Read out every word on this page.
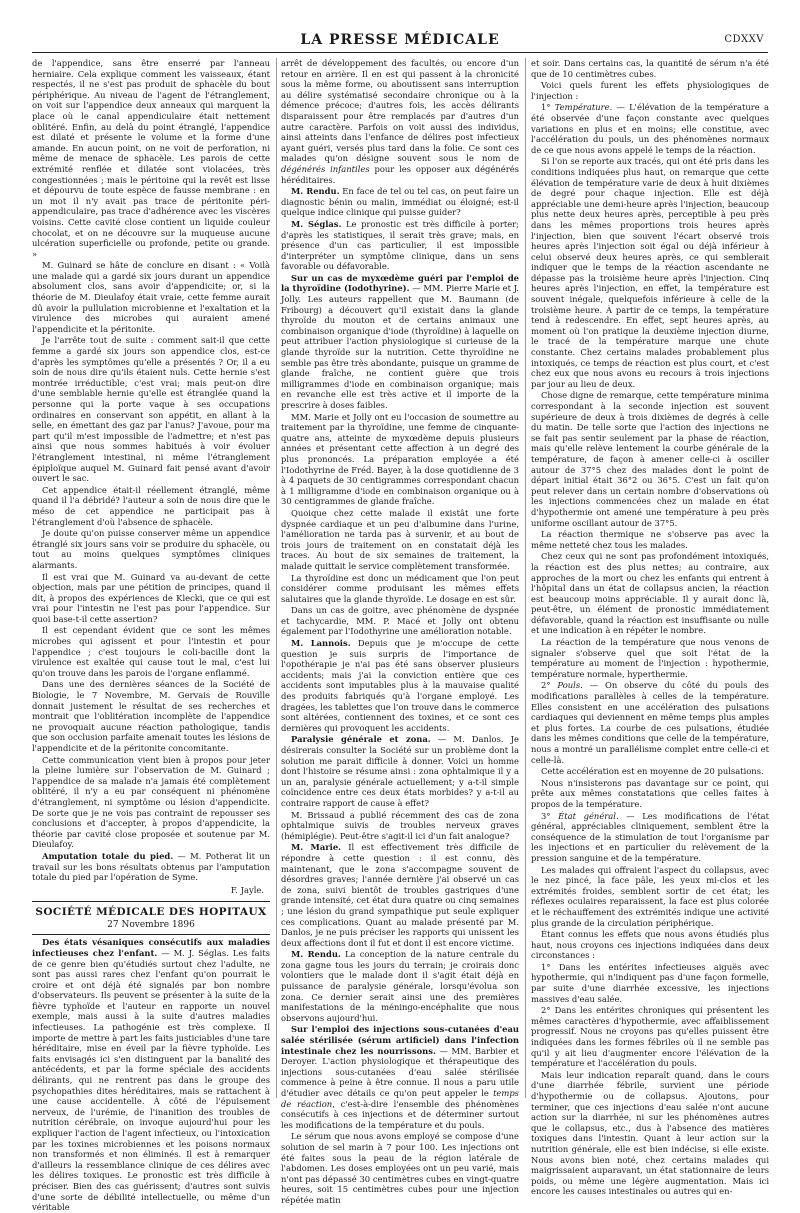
LA PRESSE MÉDICALE	CDXXV

de l'appendice, sans être enserré par l'anneau herniaire. Cela explique comment les vaisseaux, étant respectés, il ne s'est pas produit de sphacèle du bout périphérique. Au niveau de l'agent de l'étranglement, on voit sur l'appendice deux anneaux qui marquent la place où le canal appendiculaire était nettement oblitéré. Enfin, au delà du point étranglé, l'appendice est dilaté et présente le volume et la forme d'une amande. En aucun point, on ne voit de perforation, ni même de menace de sphacèle. Les parois de cette extrémité renflée et dilatée sont violacées, très congestionnées ; mais le péritoine qui la revêt est lisse et dépourvu de toute espèce de fausse membrane : en un mot il n'y avait pas trace de péritonite péri-appendiculaire, pas trace d'adhérence avec les viscères voisins. Cette cavité close contient un liquide couleur chocolat, et on ne découvre sur la muqueuse aucune ulcération superficielle ou profonde, petite ou grande. »

M. Guinard se hâte de conclure en disant : « Voilà une malade qui a gardé six jours durant un appendice absolument clos, sans avoir d'appendicite; or, si la théorie de M. Dieulafoy était vraie, cette femme aurait dû avoir la pullulation microbienne et l'exaltation et la virulence des microbes qui auraient amené l'appendicite et la péritonite.

Je l'arrête tout de suite : comment sait-il que cette femme a gardé six jours son appendice clos, est-ce d'après les symptômes qu'elle a présentés ? Or, il a eu soin de nous dire qu'ils étaient nuls. Cette hernie s'est montrée irréductible, c'est vrai; mais peut-on dire d'une semblable hernie qu'elle est étranglée quand la personne qui la porte vaque à ses occupations ordinaires en conservant son appétit, en allant à la selle, en émettant des gaz par l'anus? J'avoue, pour ma part qu'il m'est impossible de l'admettre; et n'est pas ainsi que nous sommes habitués à voir évoluer l'étranglement intestinal, ni même l'étranglement épiploïque auquel M. Guinard fait pensé avant d'avoir ouvert le sac.

Cet appendice était-il réellement étranglé, même quand il l'a débridé? l'auteur a soin de nous dire que le méso de cet appendice ne participait pas à l'étranglement d'où l'absence de sphacèle.

Je doute qu'on puisse conserver même un appendice étranglé six jours sans voir se produire du sphacèle, ou tout au moins quelques symptômes cliniques alarmants.

Il est vrai que M. Guinard va au-devant de cette objection, mais par une pétition de principes, quand il dit, à propos des expériences de Klecki, que ce qui est vrai pour l'intestin ne l'est pas pour l'appendice. Sur quoi base-t-il cette assertion?

Il est cependant évident que ce sont les mêmes microbes qui agissent et pour l'intestin et pour l'appendice ; c'est toujours le coli-bacille dont la virulence est exaltée qui cause tout le mal, c'est lui qu'on trouve dans les parois de l'organe enflammé.

Dans une des dernières séances de la Société de Biologie, le 7 Novembre, M. Gervais de Rouville donnait justement le résultat de ses recherches et montrait que l'oblitération incomplète de l'appendice ne provoquait aucune réaction pathologique, tandis que son occlusion parfaite amenait toutes les lésions de l'appendicite et de la péritonite concomitante.

Cette communication vient bien à propos pour jeter la pleine lumière sur l'observation de M. Guinard ; l'appendice de sa malade n'a jamais été complètement oblitéré, il n'y a eu par conséquent ni phénomène d'étranglement, ni symptôme ou lésion d'appendicite. De sorte que je ne vois pas contraint de repousser ses conclusions et d'accepter, à propos d'appendicite, la théorie par cavité close proposée et soutenue par M. Dieulafoy.

Amputation totale du pied. — M. Potherat lit un travail sur les bons résultats obtenus par l'amputation totale du pied par l'opération de Syme.

F. Jayle.

SOCIÉTÉ MÉDICALE DES HOPITAUX
27 Novembre 1896

Des états vésaniques consécutifs aux maladies infectieuses chez l'enfant. — M. J. Séglas. Les faits de ce genre bien qu'étudiés surtout chez l'adulte, ne sont pas aussi rares chez l'enfant qu'on pourrait le croire et ont déjà été signalés par bon nombre d'observateurs. Ils peuvent se présenter à la suite de la fièvre typhoïde et l'auteur en rapporte un nouvel exemple, mais aussi à la suite d'autres maladies infectieuses. La pathogénie est très complexe. Il importe de mettre à part les faits justiciables d'une tare héréditaire, mise en éveil par la fièvre typhoïde. Les faits envisagés ici s'en distinguent par la banalité des antécédents, et par la forme spéciale des accidents délirants, qui ne rentrent pas dans le groupe des psychopathies dites héréditaires, mais se rattachent à une cause accidentelle. À côté de l'épuisement nerveux, de l'urémie, de l'inanition des troubles de nutrition cérébrale, on invoque aujourd'hui pour les expliquer l'action de l'agent infectieux, ou l'intoxication par les toxines microbiennes et les poisons normaux non transformés et non éliminés. Il est à remarquer d'ailleurs la ressemblance clinique de ces délires avec les délires toxiques. Le pronostic est très difficile à préciser. Bien des cas guérissent; d'autres sont suivis d'une sorte de débilité intellectuelle, ou même d'un véritable

arrêt de développement des facultés, ou encore d'un retour en arrière. Il en est qui passent à la chronicité sous la même forme, ou aboutissent sans interruption au délire systématisé secondaire chronique ou à la démence précoce; d'autres fois, les accès délirants disparaissent pour être remplacés par d'autres d'un autre caractère. Parfois on voit aussi des individus, ainsi atteints dans l'enfance de délires post infectieux ayant guéri, versés plus tard dans la folie. Ce sont ces malades qu'on désigne souvent sous le nom de dégénérés infantiles pour les opposer aux dégénérés héréditaires.

M. Rendu. En face de tel ou tel cas, on peut faire un diagnostic bénin ou malin, immédiat ou éloigné; est-il quelque indice clinique qui puisse guider?

M. Séglas. Le pronostic est très difficile à porter; d'après les statistiques, il serait très grave; mais, en présence d'un cas particulier, il est impossible d'interpréter un symptôme clinique, dans un sens favorable ou défavorable.

Sur un cas de myxœdème guéri par l'emploi de la thyroïdine (Iodothyrine). — MM. Pierre Marie et J. Jolly. Les auteurs rappellent que M. Baumann (de Fribourg) a découvert qu'il existait dans la glande thyroïde du mouton et de certains animaux une combinaison organique d'iode (thyroïdine) à laquelle on peut attribuer l'action physiologique si curieuse de la glande thyroïde sur la nutrition. Cette thyroïdine ne semble pas être très abondante, puisque un gramme de glande fraîche, ne contient guère que trois milligrammes d'iode en combinaison organique; mais en revanche elle est très active et il importe de la prescrire à doses faibles.

MM. Marie et Jolly ont eu l'occasion de soumettre au traitement par la thyroïdine, une femme de cinquante-quatre ans, atteinte de myxœdème depuis plusieurs années et présentant cette affection à un degré des plus prononcés. La préparation employée a été l'Iodothyrine de Fréd. Bayer, à la dose quotidienne de 3 à 4 paquets de 30 centigrammes correspondant chacun à 1 milligramme d'iode en combinaison organique ou à 30 centigrammes de glande fraîche.

Quoique chez cette malade il existât une forte dyspnée cardiaque et un peu d'albumine dans l'urine, l'amélioration ne tarda pas à survenir, et au bout de trois jours de traitement on en constatait déjà les traces. Au bout de six semaines de traitement, la malade quittait le service complètement transformée.

La thyroïdine est donc un médicament que l'on peut considérer comme produisant les mêmes effets salutaires que la glande thyroïde. Le dosage en est sûr.

Dans un cas de goitre, avec phénomène de dyspnée et tachycardie, MM. P. Macé et Jolly ont obtenu également par l'Iodothyrine une amélioration notable.

M. Lannois. Depuis que je m'occupe de cette question je suis surpris de l'importance de l'opothérapie je n'ai pas été sans observer plusieurs accidents; mais j'ai la conviction entière que ces accidents sont imputables plus à la mauvaise qualité des produits fabriqués qu'à l'organe employé. Les dragées, les tablettes que l'on trouve dans le commerce sont altérées, contiennent des toxines, et ce sont ces dernières qui provoquent les accidents.

Paralysie générale et zona. — M. Danlos. Je désirerais consulter la Société sur un problème dont la solution me parait difficile à donner. Voici un homme dont l'histoire se résume ainsi : zona ophtalmique il y a un an, paralysie générale actuellement; y a-t-il simple coïncidence entre ces deux états morbides? y a-t-il au contraire rapport de cause à effet?

M. Brissaud a publié récemment des cas de zona ophtalmique suivis de troubles nerveux graves (hémiplégie). Peut-être s'agit-il ici d'un fait analogue?

M. Marie. Il est effectivement très difficile de répondre à cette question : il est connu, dès maintenant, que le zona s'accompagne souvent de désordres graves; l'année dernière j'ai observé un cas de zona, suivi bientôt de troubles gastriques d'une grande intensité, cet état dura quatre ou cinq semaines ; une lésion du grand sympathique put seule expliquer ces complications. Quant au malade présenté par M. Danlos, je ne puis préciser les rapports qui unissent les deux affections dont il fut et dont il est encore victime.

M. Rendu. La conception de la nature centrale du zona gagne tous les jours du terrain; je croirais donc volontiers que le malade dont il s'agit était déjà en puissance de paralysie générale, lorsqu'évolua son zona. Ce dernier serait ainsi une des premières manifestations de la méningo-encéphalite que nous observons aujourd'hui.

Sur l'emploi des injections sous-cutanées d'eau salée stérilisée (sérum artificiel) dans l'infection intestinale chez les nourrissons. — MM. Barbier et Deroyer. L'action physiologique et thérapeutique des injections sous-cutanées d'eau salée stérilisée commence à peine à être connue. Il nous a paru utile d'étudier avec détails ce qu'on peut appeler le temps de réaction, c'est-à-dire l'ensemble des phénomènes consécutifs à ces injections et de déterminer surtout les modifications de la température et du pouls.

Le sérum que nous avons employé se compose d'une solution de sel marin à 7 pour 100. Les injections ont été faites sous la peau de la région latérale de l'abdomen. Les doses employées ont un peu varié, mais n'ont pas dépassé 30 centimètres cubes en vingt-quatre heures, soit 15 centimètres cubes pour une injection répétée matin

et soir. Dans certains cas, la quantité de sérum n'a été que de 10 centimètres cubes.

Voici quels furent les effets physiologiques de l'injection :

1° Température. — L'élévation de la température a été observée d'une façon constante avec quelques variations en plus et en moins; elle constitue, avec l'accélération du pouls, un des phénomènes normaux de ce que nous avons appelé le temps de la réaction.

Si l'on se reporte aux tracés, qui ont été pris dans les conditions indiquées plus haut, on remarque que cette élévation de température varie de deux à huit dixièmes de degré pour chaque injection. Elle est déjà appréciable une demi-heure après l'injection, beaucoup plus nette deux heures après, perceptible à peu près dans les mêmes proportions trois heures après l'injection, bien que souvent l'écart observé trois heures après l'injection soit égal ou déjà inférieur à celui observé deux heures après, ce qui semblerait indiquer que le temps de la réaction ascendante ne dépasse pas la troisième heure après l'injection. Cinq heures après l'injection, en effet, la température est souvent inégale, quelquefois inférieure à celle de la troisième heure. À partir de ce temps, la température tend à redescendre. En effet, sept heures après, au moment où l'on pratique la deuxième injection diurne, le tracé de la température marque une chute constante. Chez certains malades probablement plus intoxiqués, ce temps de réaction est plus court, et c'est chez eux que nous avons eu recours à trois injections par jour au lieu de deux.

Chose digne de remarque, cette température minima correspondant à la seconde injection est souvent supérieure de deux à trois dixièmes de degrés à celle du matin. De telle sorte que l'action des injections ne se fait pas sentir seulement par la phase de réaction, mais qu'elle relève lentement la courbe générale de la température, de façon à amener celle-ci à osciller autour de 37°5 chez des malades dont le point de départ initial était 36°2 ou 36°5. C'est un fait qu'on peut relever dans un certain nombre d'observations où les injections commencées chez un malade en état d'hypothermie ont amené une température à peu près uniforme oscillant autour de 37°5.

La réaction thermique ne s'observe pas avec la même netteté chez tous les malades.

Chez ceux qui ne sont pas profondément intoxiqués, la réaction est des plus nettes; au contraire, aux approches de la mort ou chez les enfants qui entrent à l'hôpital dans un état de collapsus ancien, la réaction est beaucoup moins appréciable. Il y aurait donc là, peut-être, un élément de pronostic immédiatement défavorable, quand la réaction est insuffisante ou nulle et une indication à en répéter le nombre.

La réaction de la température que nous venons de signaler s'observe quel que soit l'état de la température au moment de l'injection : hypothermie, température normale, hyperthermie.

2° Pouls. — On observe du côté du pouls des modifications parallèles à celles de la température. Elles consistent en une accélération des pulsations cardiaques qui deviennent en même temps plus amples et plus fortes. La courbe de ces pulsations, étudiée dans les mêmes conditions que celle de la température, nous a montré un parallélisme complet entre celle-ci et celle-là.

Cette accélération est en moyenne de 20 pulsations.

Nous n'insisterons pas davantage sur ce point, qui prête aux mêmes constatations que celles faites à propos de la température.

3° État général. — Les modifications de l'état général, appréciables cliniquement, semblent être la conséquence de la stimulation de tout l'organisme par les injections et en particulier du relèvement de la pression sanguine et de la température.

Les malades qui offraient l'aspect du collapsus, avec le nez pincé, la face pâle, les yeux mi-clos et les extrémités froides, semblent sortir de cet état; les réflexes oculaires reparaissent, la face est plus colorée et le réchauffement des extrémités indique une activité plus grande de la circulation périphérique.

Étant connus les effets que nous avons étudiés plus haut, nous croyons ces injections indiquées dans deux circonstances :

1° Dans les entérites infectieuses aiguës avec hypothermie, qui n'indiquent pas d'une façon formelle, par suite d'une diarrhée excessive, les injections massives d'eau salée.

2° Dans les entérites chroniques qui présentent les mêmes caractères d'hypothermie, avec affaiblissement progressif. Nous ne croyons pas qu'elles puissent être indiquées dans les formes fébriles où il ne semble pas qu'il y ait lieu d'augmenter encore l'élévation de la température et l'accélération du pouls.

Mais leur indication reparaît quand, dans le cours d'une diarrhée fébrile, survient une période d'hypothermie ou de collapsus. Ajoutons, pour terminer, que ces injections d'eau salée n'ont aucune action sur la diarrhée, ni sur les phénomènes autres que le collapsus, etc., dus à l'absence des matières toxiques dans l'intestin. Quant à leur action sur la nutrition générale, elle est bien indécise, si elle existe. Nous avons bien noté, chez certains malades qui maigrissaient auparavant, un état stationnaire de leurs poids, ou même une légère augmentation. Mais ici encore les causes intestinales ou autres qui en-
